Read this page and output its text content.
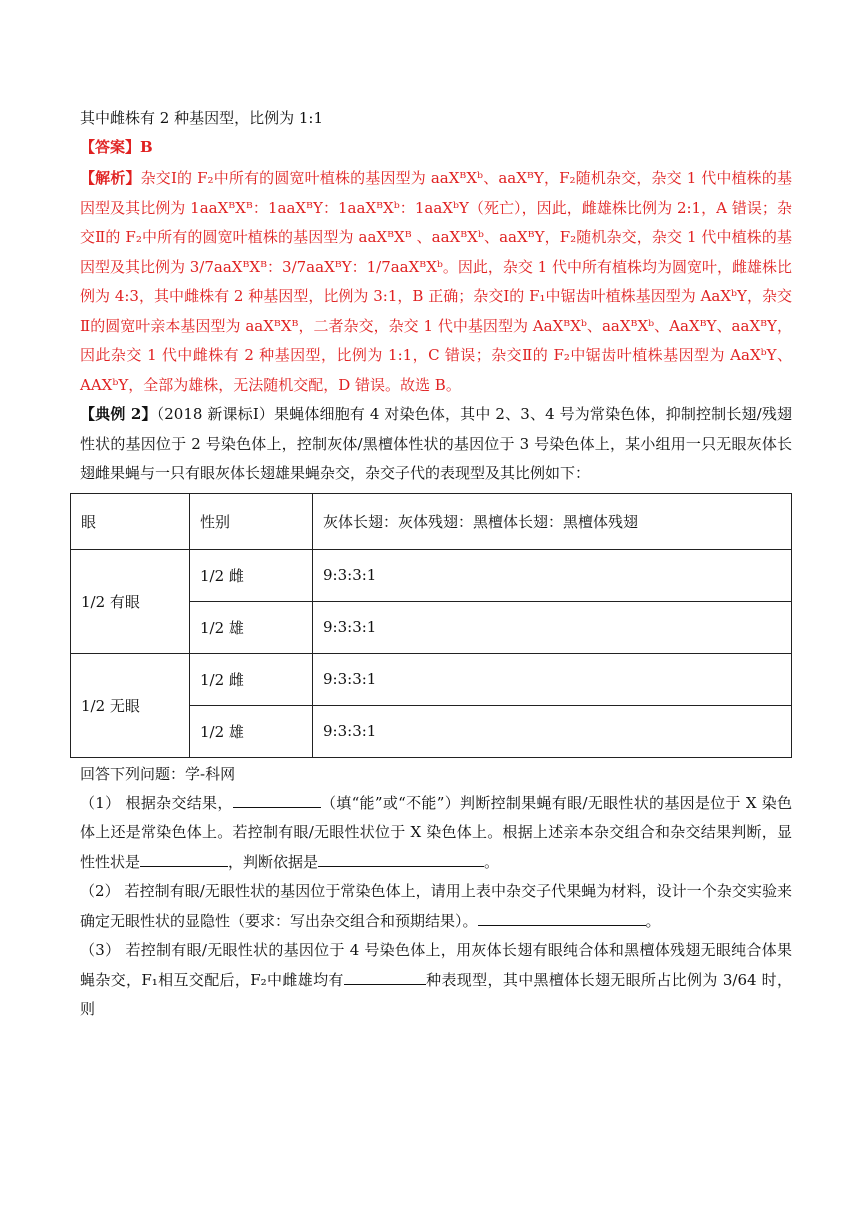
其中雌株有 2 种基因型，比例为 1:1
【答案】B
【解析】杂交Ⅰ的 F₂中所有的圆宽叶植株的基因型为 aaXᴮXᵇ、aaXᴮY，F₂随机杂交，杂交 1 代中植株的基因型及其比例为 1aaXᴮXᴮ：1aaXᴮY：1aaXᴮXᵇ：1aaXᵇY（死亡），因此，雌雄株比例为 2:1，A 错误；杂交Ⅱ的 F₂中所有的圆宽叶植株的基因型为 aaXᴮXᴮ 、aaXᴮXᵇ、aaXᴮY，F₂随机杂交，杂交 1 代中植株的基因型及其比例为 3/7aaXᴮXᴮ：3/7aaXᴮY：1/7aaXᴮXᵇ。因此，杂交 1 代中所有植株均为圆宽叶，雌雄株比例为 4:3，其中雌株有 2 种基因型，比例为 3:1，B 正确；杂交Ⅰ的 F₁中锯齿叶植株基因型为 AaXᵇY，杂交Ⅱ的圆宽叶亲本基因型为 aaXᴮXᴮ，二者杂交，杂交 1 代中基因型为 AaXᴮXᵇ、aaXᴮXᵇ、AaXᴮY、aaXᴮY，因此杂交 1 代中雌株有 2 种基因型，比例为 1:1，C 错误；杂交Ⅱ的 F₂中锯齿叶植株基因型为 AaXᵇY、AAXᵇY，全部为雄株，无法随机交配，D 错误。故选 B。
【典例 2】（2018 新课标Ⅰ）果蝇体细胞有 4 对染色体，其中 2、3、4 号为常染色体，抑制控制长翅/残翅性状的基因位于 2 号染色体上，控制灰体/黑檀体性状的基因位于 3 号染色体上，某小组用一只无眼灰体长翅雌果蝇与一只有眼灰体长翅雄果蝇杂交，杂交子代的表现型及其比例如下：
眼	性别	灰体长翅：灰体残翅：黑檀体长翅：黑檀体残翅
1/2 有眼	1/2 雌	9:3:3:1
	1/2 雄	9:3:3:1
1/2 无眼	1/2 雌	9:3:3:1
	1/2 雄	9:3:3:1
回答下列问题：学-科网
（1） 根据杂交结果，	（填“能”或“不能”）判断控制果蝇有眼/无眼性状的基因是位于 X 染色体上还是常染色体上。若控制有眼/无眼性状位于 X 染色体上。根据上述亲本杂交组合和杂交结果判断，显性性状是	，判断依据是	。
（2） 若控制有眼/无眼性状的基因位于常染色体上，请用上表中杂交子代果蝇为材料，设计一个杂交实验来确定无眼性状的显隐性（要求：写出杂交组合和预期结果）。	。
（3） 若控制有眼/无眼性状的基因位于 4 号染色体上，用灰体长翅有眼纯合体和黑檀体残翅无眼纯合体果蝇杂交，F₁相互交配后，F₂中雌雄均有	种表现型，其中黑檀体长翅无眼所占比例为 3/64 时，则
